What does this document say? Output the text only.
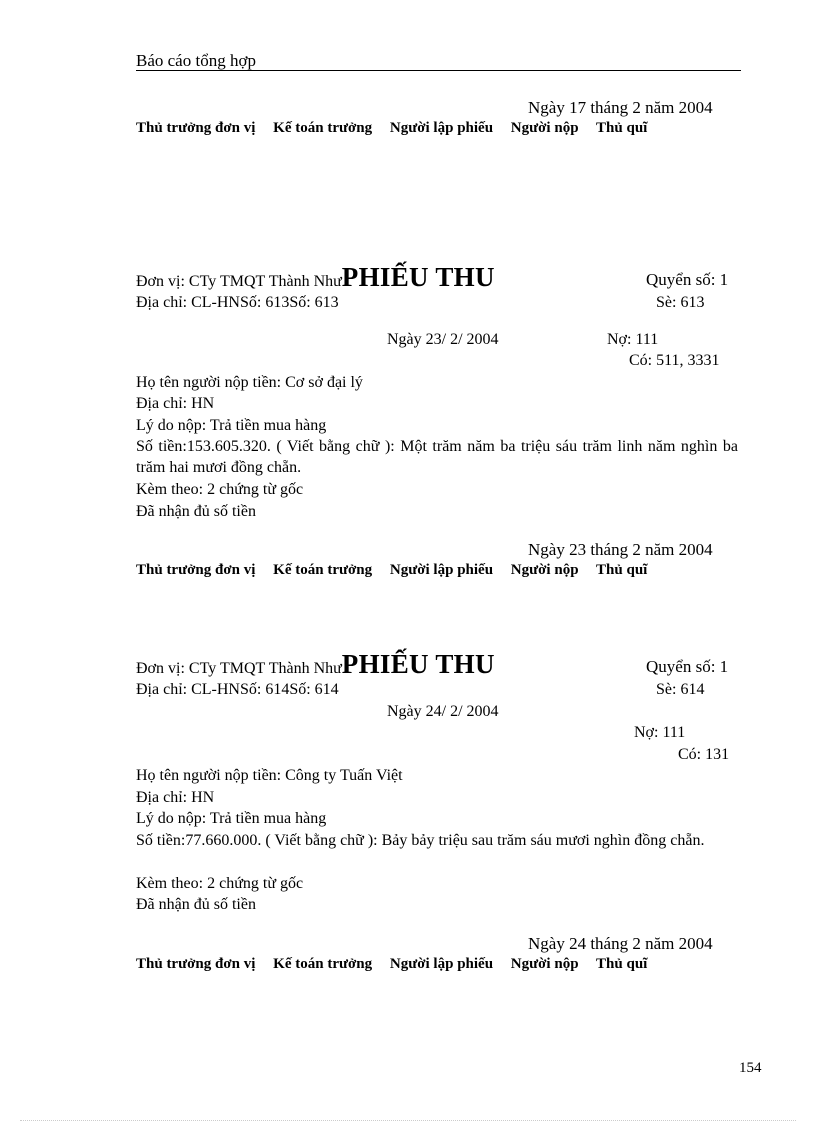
Báo cáo tổng hợp
Ngày 17 tháng 2 năm 2004
Thủ trưởng đơn vị Kế toán trưởng Người lập phiếu Người nộp Thủ quĩ
Đơn vị: CTy TMQT Thành NhưPHIẾU THU	Quyển số: 1
Địa chỉ: CL-HNSố: 613Số: 613	Sè: 613
Ngày 23/ 2/ 2004	Nợ: 111
Có: 511, 3331
Họ tên người nộp tiền: Cơ sở đại lý
Địa chỉ: HN
Lý do nộp: Trả tiền mua hàng
Số tiền:153.605.320. ( Viết bằng chữ ): Một trăm năm ba triệu sáu trăm linh năm nghìn ba trăm hai mươi đồng chẵn.
Kèm theo: 2 chứng từ gốc
Đã nhận đủ số tiền
Ngày 23 tháng 2 năm 2004
Thủ trưởng đơn vị Kế toán trưởng Người lập phiếu Người nộp Thủ quĩ
Đơn vị: CTy TMQT Thành NhưPHIẾU THU	Quyển số: 1
Địa chỉ: CL-HNSố: 614Số: 614	Sè: 614
Ngày 24/ 2/ 2004
Nợ: 111
Có: 131
Họ tên người nộp tiền: Công ty Tuấn Việt
Địa chỉ: HN
Lý do nộp: Trả tiền mua hàng
Số tiền:77.660.000. ( Viết bằng chữ ): Bảy bảy triệu sau trăm sáu mươi nghìn đồng chẵn.
Kèm theo: 2 chứng từ gốc
Đã nhận đủ số tiền
Ngày 24 tháng 2 năm 2004
Thủ trưởng đơn vị Kế toán trưởng Người lập phiếu Người nộp Thủ quĩ
154
